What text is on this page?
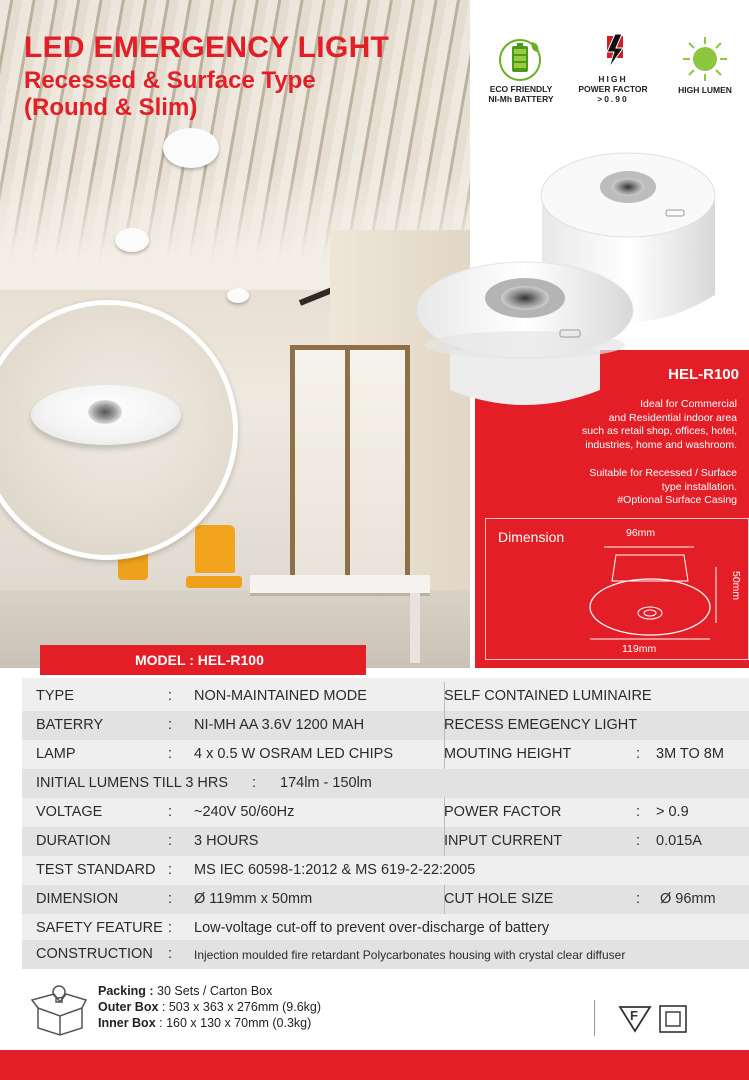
LED EMERGENCY LIGHT
Recessed & Surface Type
(Round & Slim)
ECO FRIENDLY
NI-Mh BATTERY
HIGH
POWER FACTOR
>0.90
HIGH LUMEN
HEL-R100

Ideal for Commercial
and Residential indoor area
such as retail shop, offices, hotel,
industries, home and washroom.

Suitable for Recessed / Surface
type installation.
#Optional Surface Casing

Dimension	96mm
50mm
119mm
MODEL : HEL-R100
TYPE	: NON-MAINTAINED MODE	SELF CONTAINED LUMINAIRE
BATERRY	: NI-MH AA 3.6V 1200 MAH	RECESS EMEGENCY LIGHT
LAMP	: 4 x 0.5 W OSRAM LED CHIPS	MOUTING HEIGHT	: 3M TO 8M
INITIAL LUMENS TILL 3 HRS : 174lm - 150lm
VOLTAGE	: ~240V 50/60Hz	POWER FACTOR	: > 0.9
DURATION	: 3 HOURS	INPUT CURRENT	: 0.015A
TEST STANDARD : MS IEC 60598-1:2012 & MS 619-2-22:2005
DIMENSION	: Ø 119mm x 50mm	CUT HOLE SIZE	: Ø 96mm
SAFETY FEATURE : Low-voltage cut-off to prevent over-discharge of battery
CONSTRUCTION : Injection moulded fire retardant Polycarbonates housing with crystal clear diffuser
Packing : 30 Sets / Carton Box
Outer Box : 503 x 363 x 276mm (9.6kg)
Inner Box : 160 x 130 x 70mm (0.3kg)	F
